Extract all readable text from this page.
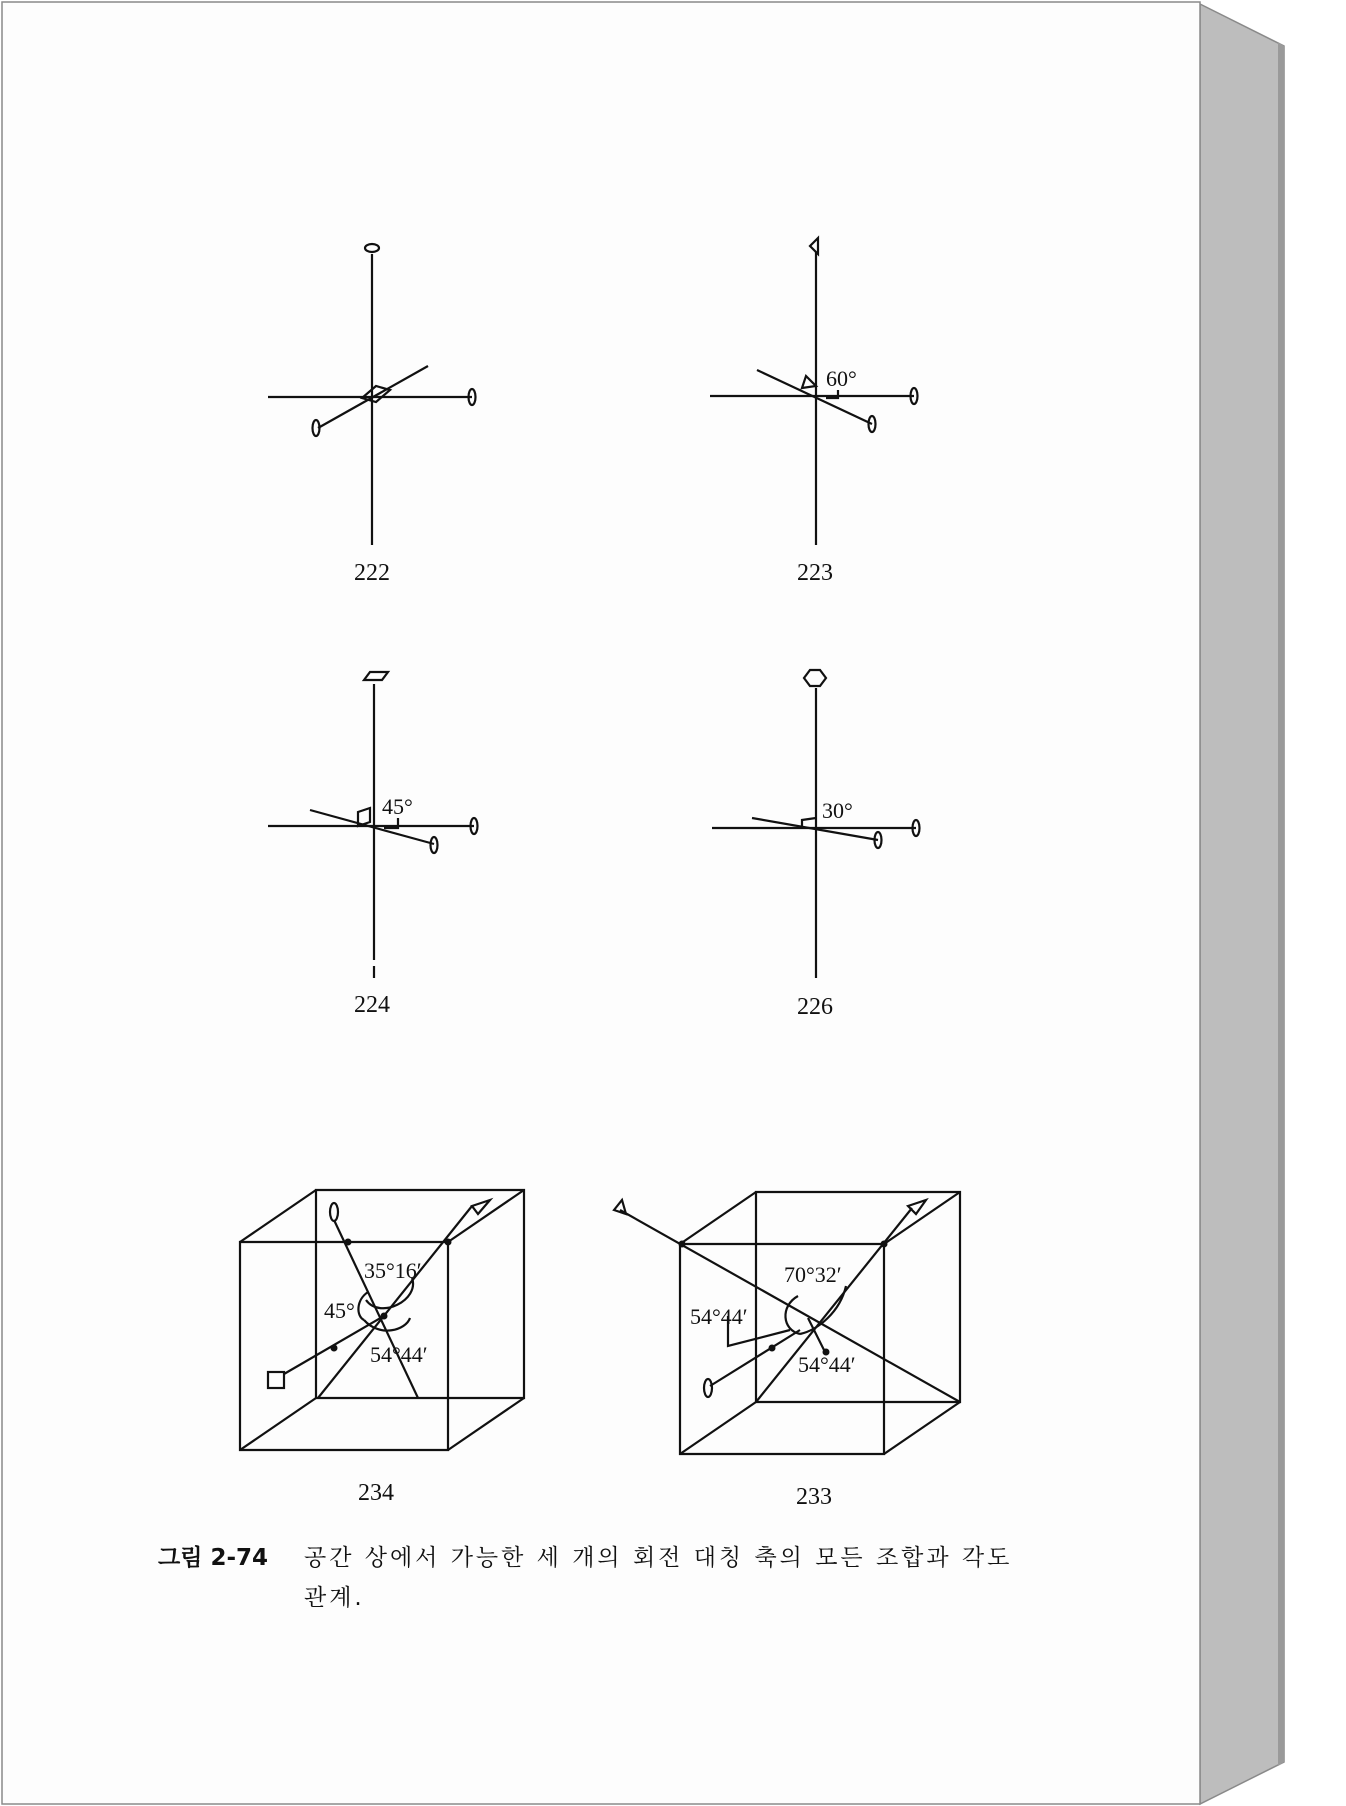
222	223
224	226
234	233
60°
45°	30°
35°16′
45°
54°44′
70°32′
54°44′
54°44′
그림 2-74 공간 상에서 가능한 세 개의 회전 대칭 축의 모든 조합과 각도
관계.
